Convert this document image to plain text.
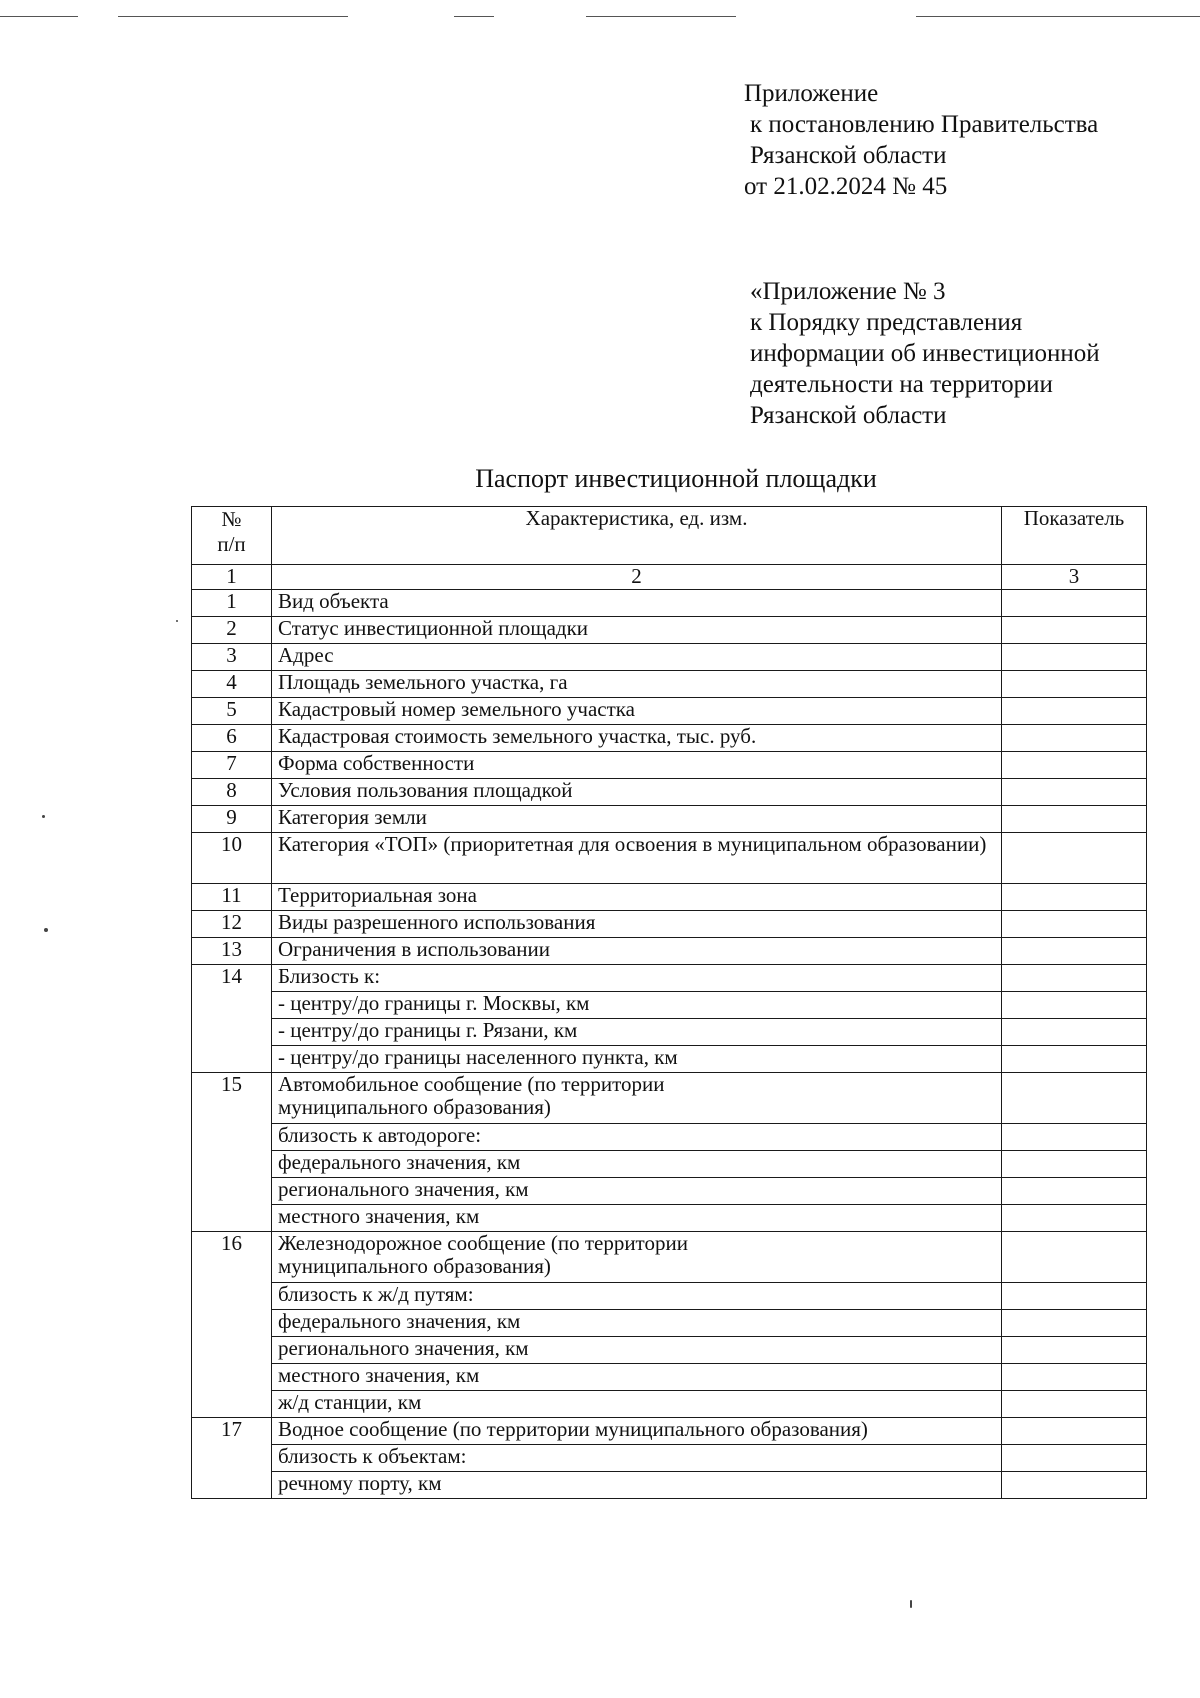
Приложение
к постановлению Правительства
Рязанской области
от 21.02.2024 № 45
«Приложение № 3
к Порядку представления
информации об инвестиционной
деятельности на территории
Рязанской области
Паспорт инвестиционной площадки
№
п/п	Характеристика, ед. изм.	Показатель
1	2	3
1	Вид объекта	
2	Статус инвестиционной площадки	
3	Адрес	
4	Площадь земельного участка, га	
5	Кадастровый номер земельного участка	
6	Кадастровая стоимость земельного участка, тыс. руб.	
7	Форма собственности	
8	Условия пользования площадкой	
9	Категория земли	
10	Категория «ТОП» (приоритетная для освоения в муниципальном образовании)	
11	Территориальная зона	
12	Виды разрешенного использования	
13	Ограничения в использовании	
14	Близость к:	
	- центру/до границы г. Москвы, км	
	- центру/до границы г. Рязани, км	
	- центру/до границы населенного пункта, км	
15	Автомобильное сообщение (по территории муниципального образования)	
	близость к автодороге:	
	федерального значения, км	
	регионального значения, км	
	местного значения, км	
16	Железнодорожное сообщение (по территории муниципального образования)	
	близость к ж/д путям:	
	федерального значения, км	
	регионального значения, км	
	местного значения, км	
	ж/д станции, км	
17	Водное сообщение (по территории муниципального образования)	
	близость к объектам:	
	речному порту, км	
